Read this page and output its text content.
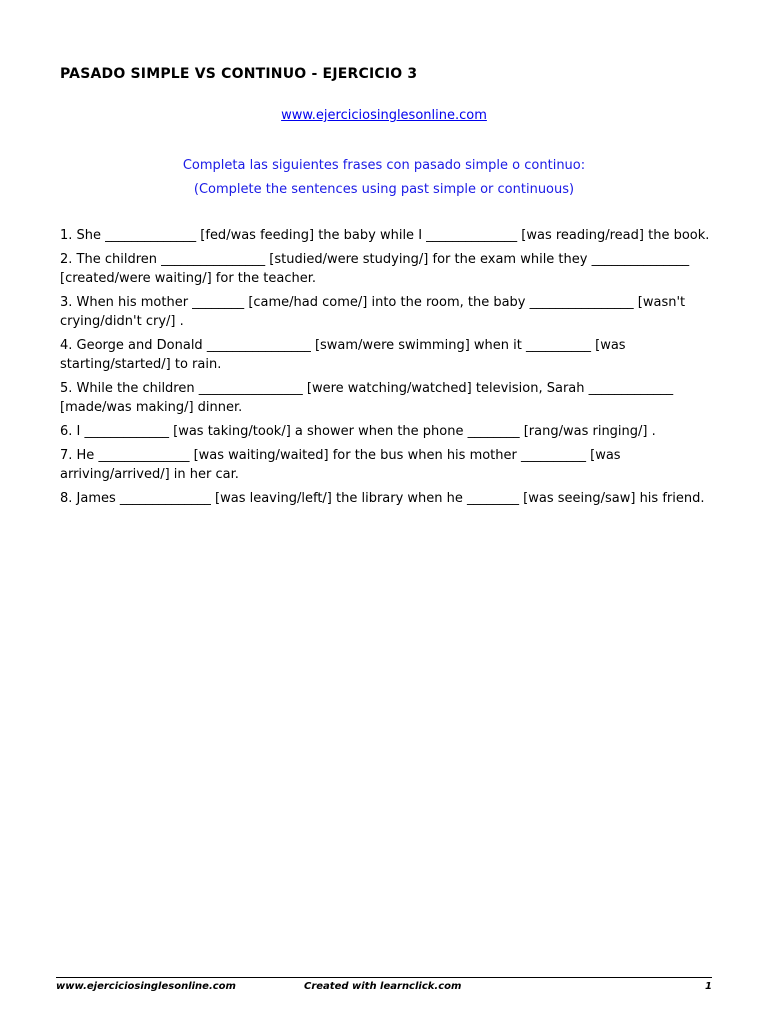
PASADO SIMPLE VS CONTINUO - EJERCICIO 3
www.ejerciciosinglesonline.com
Completa las siguientes frases con pasado simple o continuo:
(Complete the sentences using past simple or continuous)
1. She ______________ [fed/was feeding] the baby while I ______________ [was reading/read] the book.
2. The children ________________ [studied/were studying/] for the exam while they _______________ [created/were waiting/] for the teacher.
3. When his mother ________ [came/had come/] into the room, the baby ________________ [wasn't crying/didn't cry/] .
4. George and Donald ________________ [swam/were swimming] when it __________ [was starting/started/] to rain.
5. While the children ________________ [were watching/watched] television, Sarah _____________ [made/was making/] dinner.
6. I _____________ [was taking/took/] a shower when the phone ________ [rang/was ringing/] .
7. He ______________ [was waiting/waited] for the bus when his mother __________ [was arriving/arrived/] in her car.
8. James ______________ [was leaving/left/] the library when he ________ [was seeing/saw] his friend.
www.ejerciciosinglesonline.com	Created with learnclick.com	1
